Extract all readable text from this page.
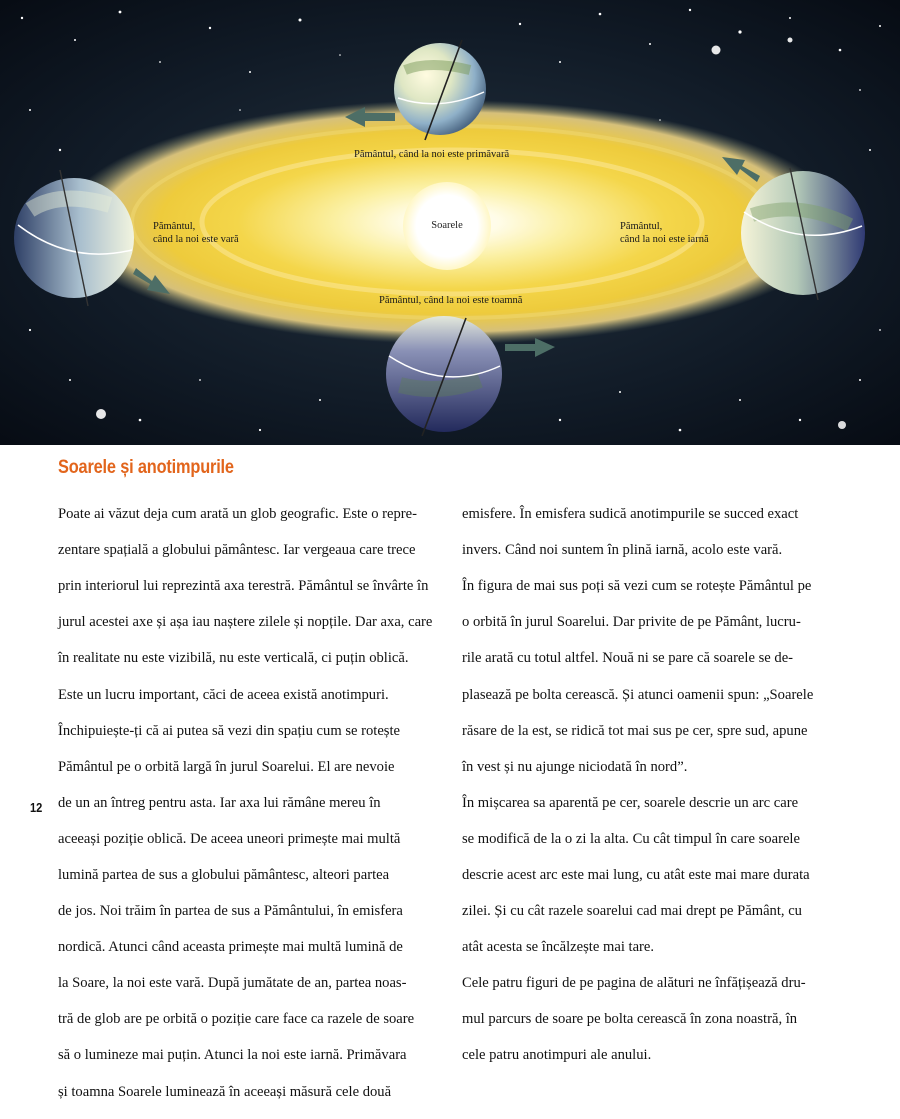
Soarele
Pământul, când la noi este primăvară
Pământul,
când la noi este vară
Pământul,
când la noi este iarnă
Pământul, când la noi este toamnă
Soarele și anotimpurile

Poate ai văzut deja cum arată un glob geografic. Este o repre-

zentare spațială a globului pământesc. Iar vergeaua care trece

prin interiorul lui reprezintă axa terestră. Pământul se învârte în

jurul acestei axe și așa iau naștere zilele și nopțile. Dar axa, care

în realitate nu este vizibilă, nu este verticală, ci puțin oblică.

Este un lucru important, căci de aceea există anotimpuri.

Închipuiește-ți că ai putea să vezi din spațiu cum se rotește

Pământul pe o orbită largă în jurul Soarelui. El are nevoie

de un an întreg pentru asta. Iar axa lui rămâne mereu în

aceeași poziție oblică. De aceea uneori primește mai multă

lumină partea de sus a globului pământesc, alteori partea

de jos. Noi trăim în partea de sus a Pământului, în emisfera

nordică. Atunci când aceasta primește mai multă lumină de

la Soare, la noi este vară. După jumătate de an, partea noas-

tră de glob are pe orbită o poziție care face ca razele de soare

să o lumineze mai puțin. Atunci la noi este iarnă. Primăvara

și toamna Soarele luminează în aceeași măsură cele două

emisfere. În emisfera sudică anotimpurile se succed exact

invers. Când noi suntem în plină iarnă, acolo este vară.

În figura de mai sus poți să vezi cum se rotește Pământul pe

o orbită în jurul Soarelui. Dar privite de pe Pământ, lucru-

rile arată cu totul altfel. Nouă ni se pare că soarele se de-

plasează pe bolta cerească. Și atunci oamenii spun: „Soarele

răsare de la est, se ridică tot mai sus pe cer, spre sud, apune

în vest și nu ajunge niciodată în nord”.

În mișcarea sa aparentă pe cer, soarele descrie un arc care

se modifică de la o zi la alta. Cu cât timpul în care soarele

descrie acest arc este mai lung, cu atât este mai mare durata

zilei. Și cu cât razele soarelui cad mai drept pe Pământ, cu

atât acesta se încălzește mai tare.

Cele patru figuri de pe pagina de alături ne înfățișează dru-

mul parcurs de soare pe bolta cerească în zona noastră, în

cele patru anotimpuri ale anului.

12
